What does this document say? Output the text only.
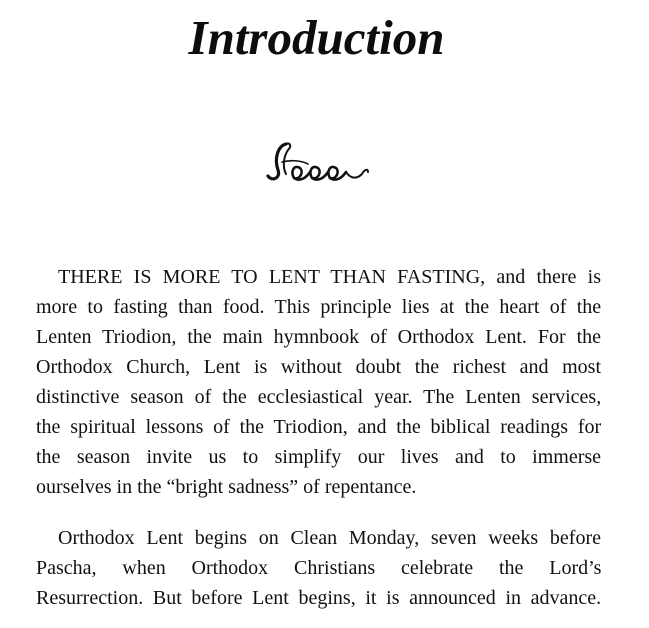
Introduction
THERE IS MORE TO LENT THAN FASTING, and there is
more to fasting than food. This principle lies at the heart of the
Lenten Triodion, the main hymnbook of Orthodox Lent. For the
Orthodox Church, Lent is without doubt the richest and most
distinctive season of the ecclesiastical year. The Lenten services,
the spiritual lessons of the Triodion, and the biblical readings for
the season invite us to simplify our lives and to immerse
ourselves in the “bright sadness” of repentance.
Orthodox Lent begins on Clean Monday, seven weeks before
Pascha, when Orthodox Christians celebrate the Lord’s
Resurrection. But before Lent begins, it is announced in advance.
